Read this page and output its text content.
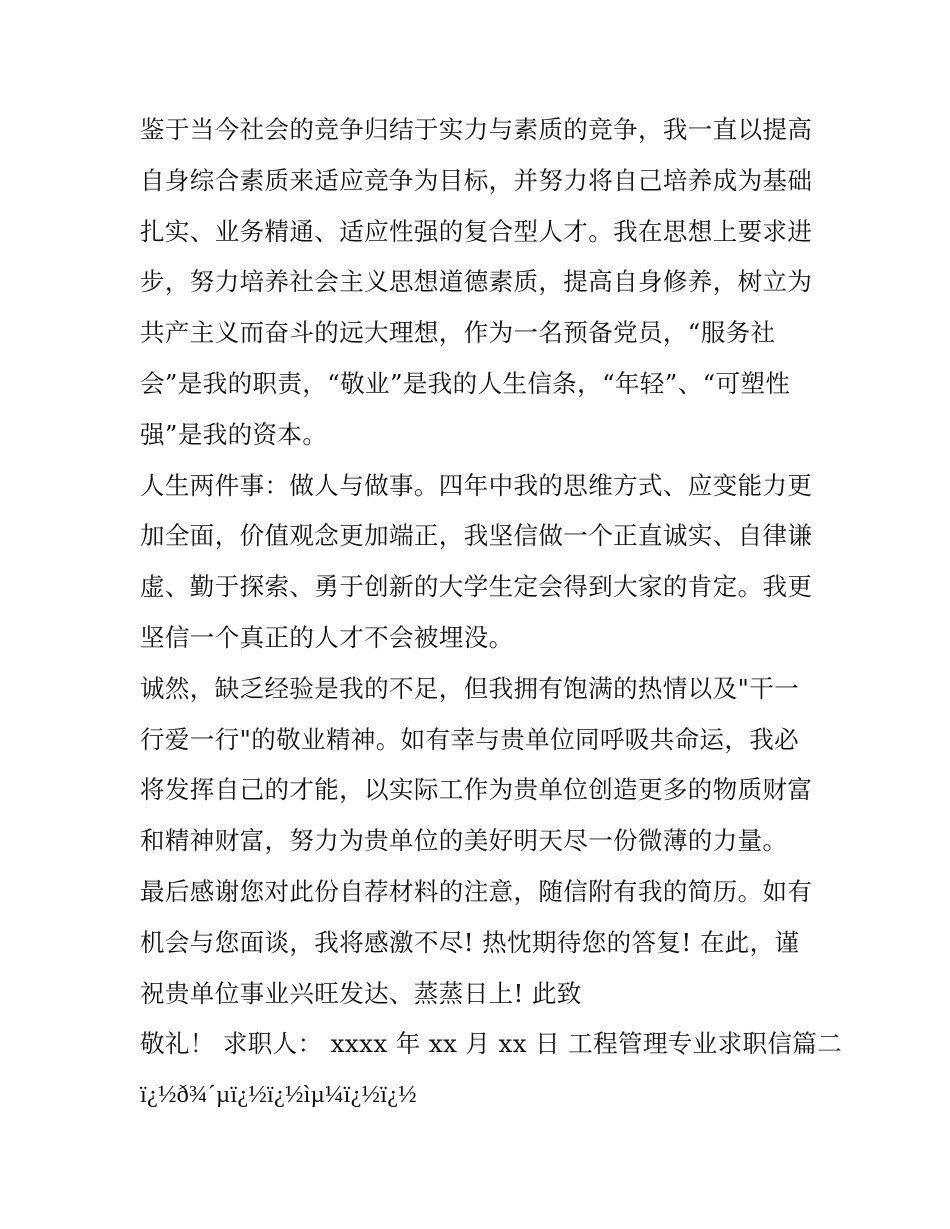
鉴于当今社会的竞争归结于实力与素质的竞争，我一直以提高
自身综合素质来适应竞争为目标，并努力将自己培养成为基础
扎实、业务精通、适应性强的复合型人才。我在思想上要求进
步，努力培养社会主义思想道德素质，提高自身修养，树立为
共产主义而奋斗的远大理想，作为一名预备党员，“服务社
会”是我的职责，“敬业”是我的人生信条，“年轻”、“可塑性
强”是我的资本。
人生两件事：做人与做事。四年中我的思维方式、应变能力更
加全面，价值观念更加端正，我坚信做一个正直诚实、自律谦
虚、勤于探索、勇于创新的大学生定会得到大家的肯定。我更
坚信一个真正的人才不会被埋没。
诚然，缺乏经验是我的不足，但我拥有饱满的热情以及"干一
行爱一行"的敬业精神。如有幸与贵单位同呼吸共命运，我必
将发挥自己的才能，以实际工作为贵单位创造更多的物质财富
和精神财富，努力为贵单位的美好明天尽一份微薄的力量。
最后感谢您对此份自荐材料的注意，随信附有我的简历。如有
机会与您面谈，我将感激不尽! 热忱期待您的答复! 在此，谨
祝贵单位事业兴旺发达、蒸蒸日上! 此致
敬礼！ 求职人： xxxx 年 xx 月 xx 日 工程管理专业求职信篇二
ï¿½ð¾´µï¿½ï¿½ìµ¼ï¿½ï¿½
